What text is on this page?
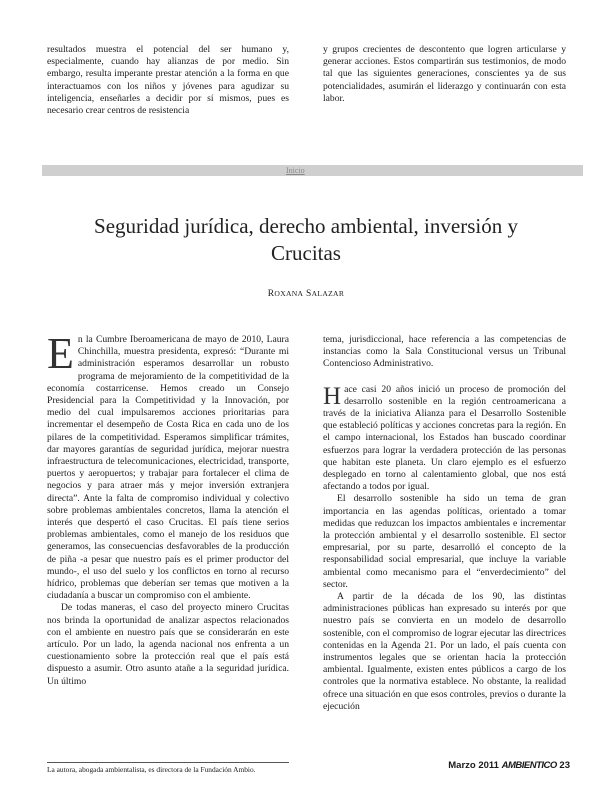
resultados muestra el potencial del ser humano y, especialmente, cuando hay alianzas de por medio. Sin embargo, resulta imperante prestar atención a la forma en que interactuamos con los niños y jóvenes para agudizar su inteligencia, enseñarles a decidir por sí mismos, pues es necesario crear centros de resistencia

y grupos crecientes de descontento que logren articularse y generar acciones. Estos compartirán sus testimonios, de modo tal que las siguientes generaciones, conscientes ya de sus potencialidades, asumirán el liderazgo y continuarán con esta labor.

Inicio
Seguridad jurídica, derecho ambiental, inversión y Crucitas
ROXANA SALAZAR

En la Cumbre Iberoamericana de mayo de 2010, Laura Chinchilla, muestra presidenta, expresó: “Durante mi administración esperamos desarrollar un robusto programa de mejoramiento de la competitividad de la economía costarricense. Hemos creado un Consejo Presidencial para la Competitividad y la Innovación, por medio del cual impulsaremos acciones prioritarias para incrementar el desempeño de Costa Rica en cada uno de los pilares de la competitividad. Esperamos simplificar trámites, dar mayores garantías de seguridad jurídica, mejorar nuestra infraestructura de telecomunicaciones, electricidad, transporte, puertos y aeropuertos; y trabajar para fortalecer el clima de negocios y para atraer más y mejor inversión extranjera directa”. Ante la falta de compromiso individual y colectivo sobre problemas ambientales concretos, llama la atención el interés que despertó el caso Crucitas. El país tiene serios problemas ambientales, como el manejo de los residuos que generamos, las consecuencias desfavorables de la producción de piña -a pesar que nuestro país es el primer productor del mundo-, el uso del suelo y los conflictos en torno al recurso hídrico, problemas que deberían ser temas que motiven a la ciudadanía a buscar un compromiso con el ambiente.

De todas maneras, el caso del proyecto minero Crucitas nos brinda la oportunidad de analizar aspectos relacionados con el ambiente en nuestro país que se considerarán en este artículo. Por un lado, la agenda nacional nos enfrenta a un cuestionamiento sobre la protección real que el país está dispuesto a asumir. Otro asunto atañe a la seguridad jurídica. Un último

tema, jurisdiccional, hace referencia a las competencias de instancias como la Sala Constitucional versus un Tribunal Contencioso Administrativo.

Hace casi 20 años inició un proceso de promoción del desarrollo sostenible en la región centroamericana a través de la iniciativa Alianza para el Desarrollo Sostenible que estableció políticas y acciones concretas para la región. En el campo internacional, los Estados han buscado coordinar esfuerzos para lograr la verdadera protección de las personas que habitan este planeta. Un claro ejemplo es el esfuerzo desplegado en torno al calentamiento global, que nos está afectando a todos por igual.

El desarrollo sostenible ha sido un tema de gran importancia en las agendas políticas, orientado a tomar medidas que reduzcan los impactos ambientales e incrementar la protección ambiental y el desarrollo sostenible. El sector empresarial, por su parte, desarrolló el concepto de la responsabilidad social empresarial, que incluye la variable ambiental como mecanismo para el “enverdecimiento” del sector.

A partir de la década de los 90, las distintas administraciones públicas han expresado su interés por que nuestro país se convierta en un modelo de desarrollo sostenible, con el compromiso de lograr ejecutar las directrices contenidas en la Agenda 21. Por un lado, el país cuenta con instrumentos legales que se orientan hacia la protección ambiental. Igualmente, existen entes públicos a cargo de los controles que la normativa establece. No obstante, la realidad ofrece una situación en que esos controles, previos o durante la ejecución

La autora, abogada ambientalista, es directora de la Fundación Ambio.	Marzo 2011 AMBIENTICO 23
